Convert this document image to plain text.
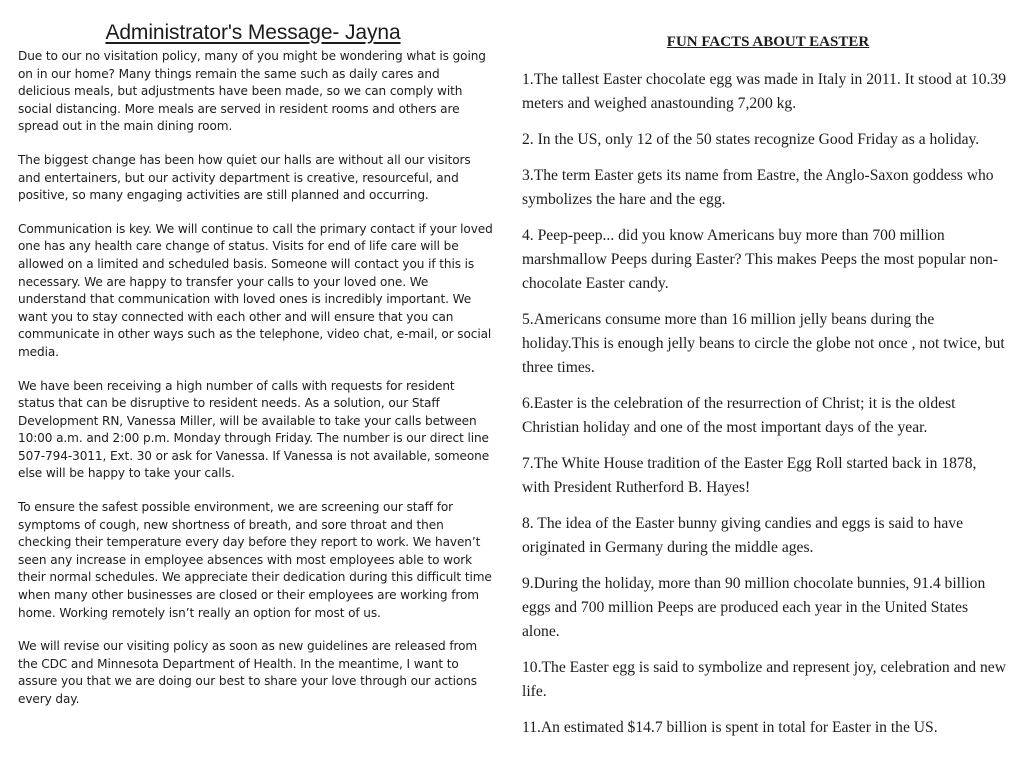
Administrator's Message- Jayna

Due to our no visitation policy, many of you might be wondering what is going on in our home? Many things remain the same such as daily cares and delicious meals, but adjustments have been made, so we can comply with social distancing. More meals are served in resident rooms and others are spread out in the main dining room.

The biggest change has been how quiet our halls are without all our visitors and entertainers, but our activity department is creative, resourceful, and positive, so many engaging activities are still planned and occurring.

Communication is key. We will continue to call the primary contact if your loved one has any health care change of status. Visits for end of life care will be allowed on a limited and scheduled basis. Someone will contact you if this is necessary. We are happy to transfer your calls to your loved one. We understand that communication with loved ones is incredibly important. We want you to stay connected with each other and will ensure that you can communicate in other ways such as the telephone, video chat, e-mail, or social media.

We have been receiving a high number of calls with requests for resident status that can be disruptive to resident needs. As a solution, our Staff Development RN, Vanessa Miller, will be available to take your calls between 10:00 a.m. and 2:00 p.m. Monday through Friday. The number is our direct line 507-794-3011, Ext. 30 or ask for Vanessa. If Vanessa is not available, someone else will be happy to take your calls.

To ensure the safest possible environment, we are screening our staff for symptoms of cough, new shortness of breath, and sore throat and then checking their temperature every day before they report to work. We haven’t seen any increase in employee absences with most employees able to work their normal schedules. We appreciate their dedication during this difficult time when many other businesses are closed or their employees are working from home. Working remotely isn’t really an option for most of us.

We will revise our visiting policy as soon as new guidelines are released from the CDC and Minnesota Department of Health. In the meantime, I want to assure you that we are doing our best to share your love through our actions every day.

FUN FACTS ABOUT EASTER

1.The tallest Easter chocolate egg was made in Italy in 2011. It stood at 10.39 meters and weighed anastounding 7,200 kg.

2. In the US, only 12 of the 50 states recognize Good Friday as a holiday.

3.The term Easter gets its name from Eastre, the Anglo-Saxon goddess who symbolizes the hare and the egg.

4. Peep-peep... did you know Americans buy more than 700 million marshmallow Peeps during Easter? This makes Peeps the most popular non-chocolate Easter candy.

5.Americans consume more than 16 million jelly beans during the holiday.This is enough jelly beans to circle the globe not once , not twice, but three times.

6.Easter is the celebration of the resurrection of Christ; it is the oldest Christian holiday and one of the most important days of the year.

7.The White House tradition of the Easter Egg Roll started back in 1878, with President Rutherford B. Hayes!

8. The idea of the Easter bunny giving candies and eggs is said to have originated in Germany during the middle ages.

9.During the holiday, more than 90 million chocolate bunnies, 91.4 billion eggs and 700 million Peeps are produced each year in the United States alone.

10.The Easter egg is said to symbolize and represent joy, celebration and new life.

11.An estimated $14.7 billion is spent in total for Easter in the US.
